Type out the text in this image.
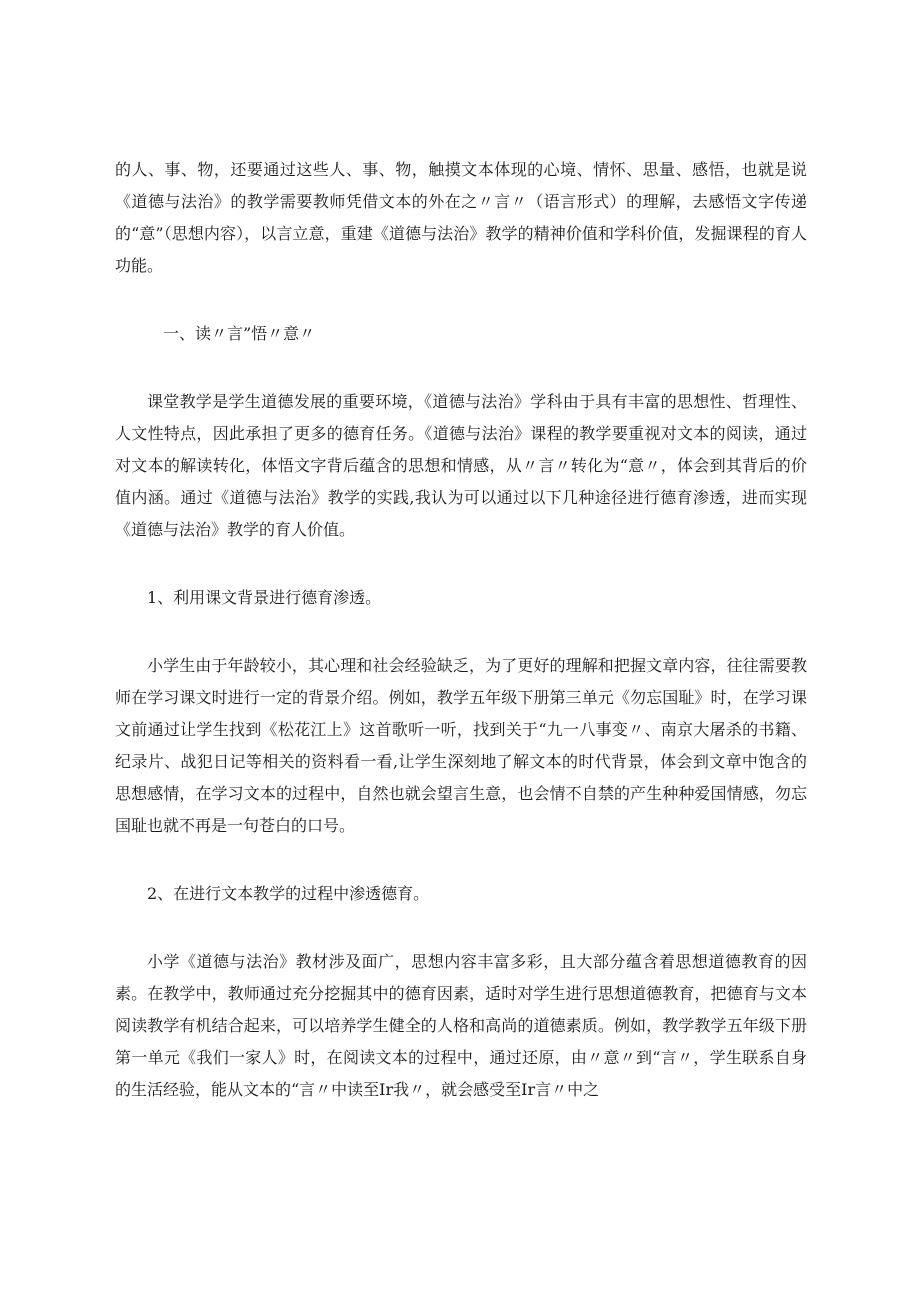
的人、事、物，还要通过这些人、事、物，触摸文本体现的心境、情怀、思量、感悟，也就是说《道德与法治》的教学需要教师凭借文本的外在之〃言〃（语言形式）的理解，去感悟文字传递的“意”（思想内容），以言立意，重建《道德与法治》教学的精神价值和学科价值，发掘课程的育人功能。

一、读〃言”悟〃意〃

课堂教学是学生道德发展的重要环境，《道德与法治》学科由于具有丰富的思想性、哲理性、人文性特点，因此承担了更多的德育任务。《道德与法治》课程的教学要重视对文本的阅读，通过对文本的解读转化，体悟文字背后蕴含的思想和情感，从〃言〃转化为“意〃，体会到其背后的价值内涵。通过《道德与法治》教学的实践,我认为可以通过以下几种途径进行德育渗透，进而实现《道德与法治》教学的育人价值。

1、利用课文背景进行德育渗透。

小学生由于年龄较小，其心理和社会经验缺乏，为了更好的理解和把握文章内容，往往需要教师在学习课文时进行一定的背景介绍。例如，教学五年级下册第三单元《勿忘国耻》时，在学习课文前通过让学生找到《松花江上》这首歌听一听，找到关于“九一八事变〃、南京大屠杀的书籍、纪录片、战犯日记等相关的资料看一看,让学生深刻地了解文本的时代背景，体会到文章中饱含的思想感情，在学习文本的过程中，自然也就会望言生意，也会情不自禁的产生种种爱国情感，勿忘国耻也就不再是一句苍白的口号。

2、在进行文本教学的过程中渗透德育。

小学《道德与法治》教材涉及面广，思想内容丰富多彩，且大部分蕴含着思想道德教育的因素。在教学中，教师通过充分挖掘其中的德育因素，适时对学生进行思想道德教育，把德育与文本阅读教学有机结合起来，可以培养学生健全的人格和高尚的道德素质。例如，教学教学五年级下册第一单元《我们一家人》时，在阅读文本的过程中，通过还原，由〃意〃到“言〃，学生联系自身的生活经验，能从文本的“言〃中读至Ir我〃，就会感受至Ir言〃中之
